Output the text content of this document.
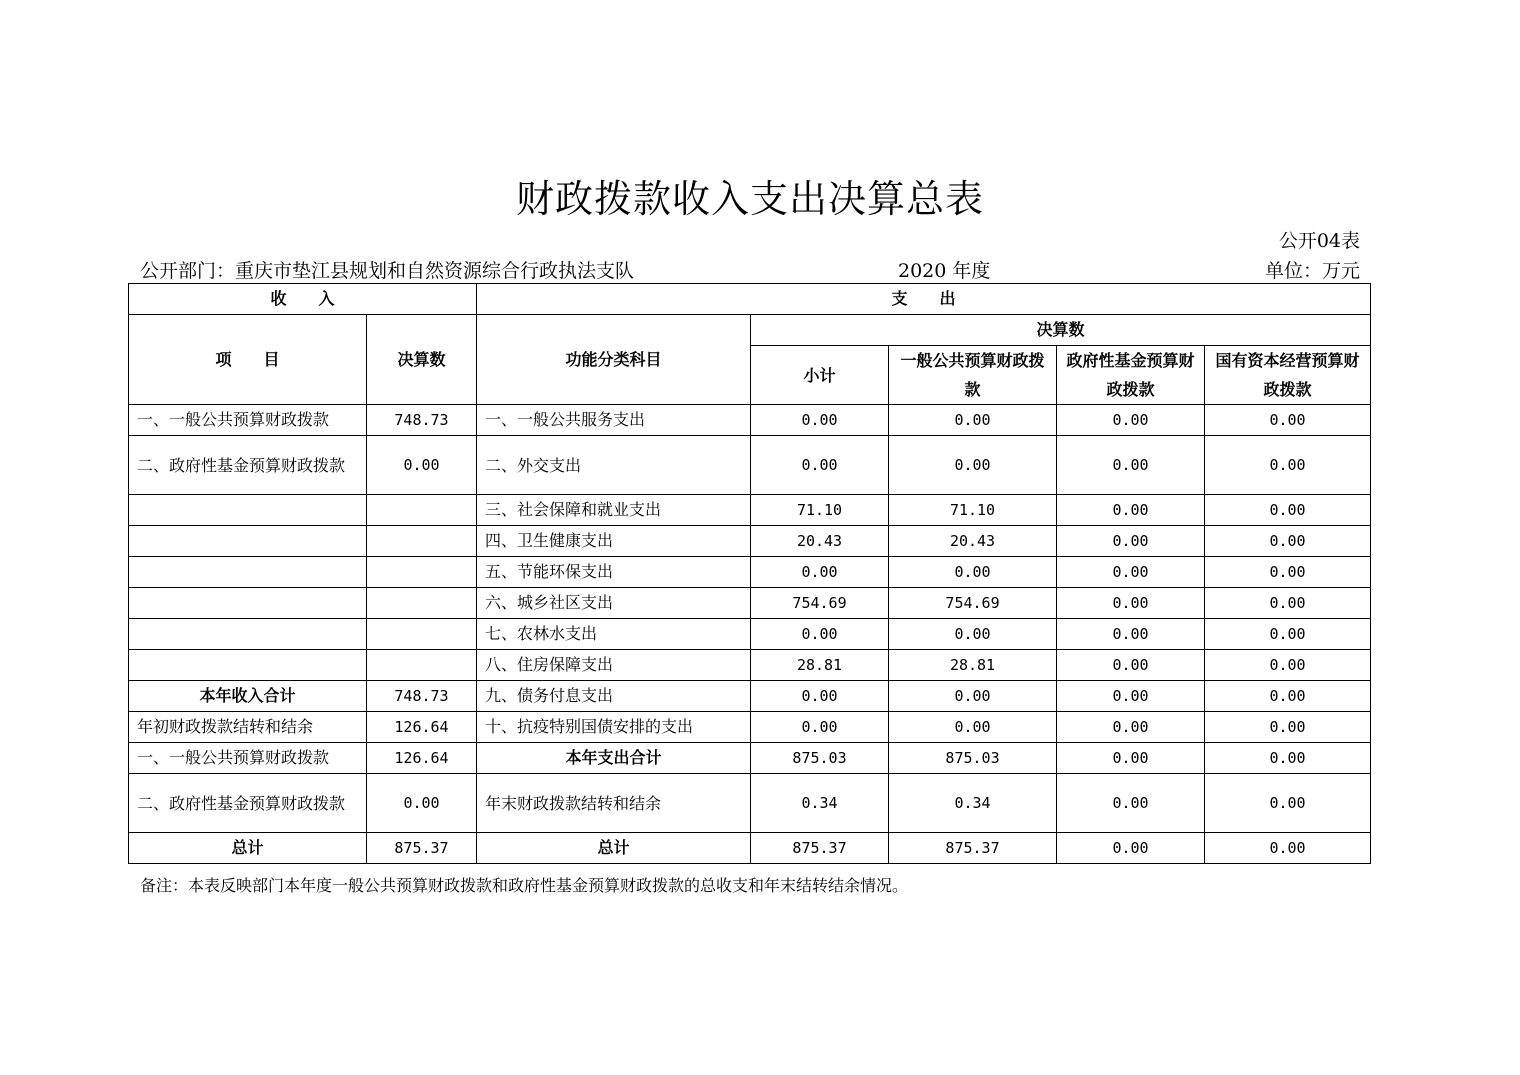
财政拨款收入支出决算总表
公开04表
公开部门：重庆市垫江县规划和自然资源综合行政执法支队	2020 年度	单位：万元
收　　入		支　　出				
项　　目	决算数	功能分类科目	决算数			
			小计	一般公共预算财政拨款	政府性基金预算财政拨款	国有资本经营预算财政拨款
一、一般公共预算财政拨款	748.73	一、一般公共服务支出	0.00	0.00	0.00	0.00
二、政府性基金预算财政拨款	0.00	二、外交支出	0.00	0.00	0.00	0.00
		三、社会保障和就业支出	71.10	71.10	0.00	0.00
		四、卫生健康支出	20.43	20.43	0.00	0.00
		五、节能环保支出	0.00	0.00	0.00	0.00
		六、城乡社区支出	754.69	754.69	0.00	0.00
		七、农林水支出	0.00	0.00	0.00	0.00
		八、住房保障支出	28.81	28.81	0.00	0.00
本年收入合计	748.73	九、债务付息支出	0.00	0.00	0.00	0.00
年初财政拨款结转和结余	126.64	十、抗疫特别国债安排的支出	0.00	0.00	0.00	0.00
一、一般公共预算财政拨款	126.64	本年支出合计	875.03	875.03	0.00	0.00
二、政府性基金预算财政拨款	0.00	年末财政拨款结转和结余	0.34	0.34	0.00	0.00
总计	875.37	总计	875.37	875.37	0.00	0.00
备注：本表反映部门本年度一般公共预算财政拨款和政府性基金预算财政拨款的总收支和年末结转结余情况。
